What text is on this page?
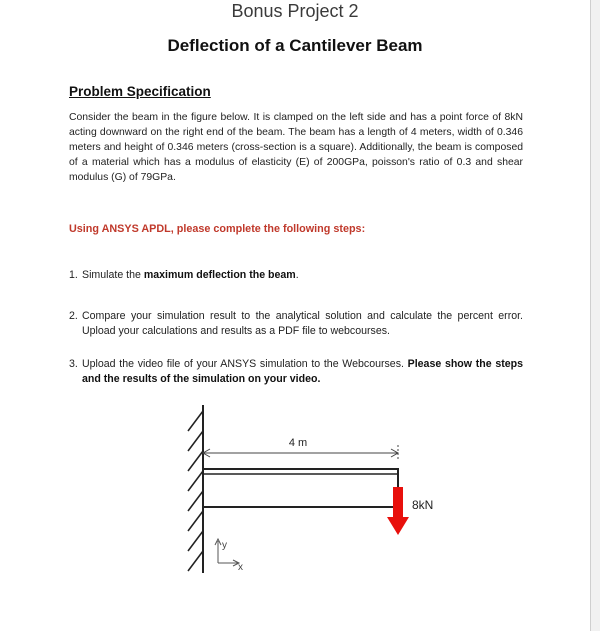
Bonus Project 2
Deflection of a Cantilever Beam
Problem Specification
Consider the beam in the figure below. It is clamped on the left side and has a point force of 8kN acting downward on the right end of the beam. The beam has a length of 4 meters, width of 0.346 meters and height of 0.346 meters (cross-section is a square). Additionally, the beam is composed of a material which has a modulus of elasticity (E) of 200GPa, poisson's ratio of 0.3 and shear modulus (G) of 79GPa.
Using ANSYS APDL, please complete the following steps:
1. Simulate the maximum deflection the beam.
2. Compare your simulation result to the analytical solution and calculate the percent error. Upload your calculations and results as a PDF file to webcourses.
3. Upload the video file of your ANSYS simulation to the Webcourses. Please show the steps and the results of the simulation on your video.
4 m
8kN
y
x
